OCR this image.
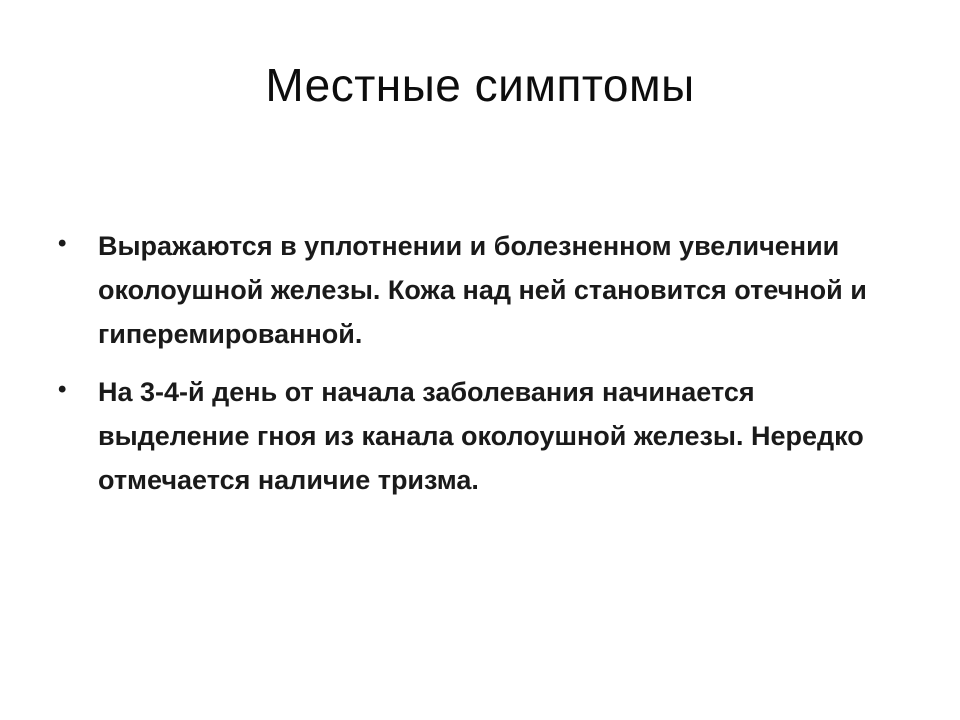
Местные симптомы
• Выражаются в уплотнении и болезненном увеличении околоушной железы. Кожа над ней становится отечной и гиперемированной.
• На 3-4-й день от начала заболевания начинается выделение гноя из канала околоушной железы. Нередко отмечается наличие тризма.
